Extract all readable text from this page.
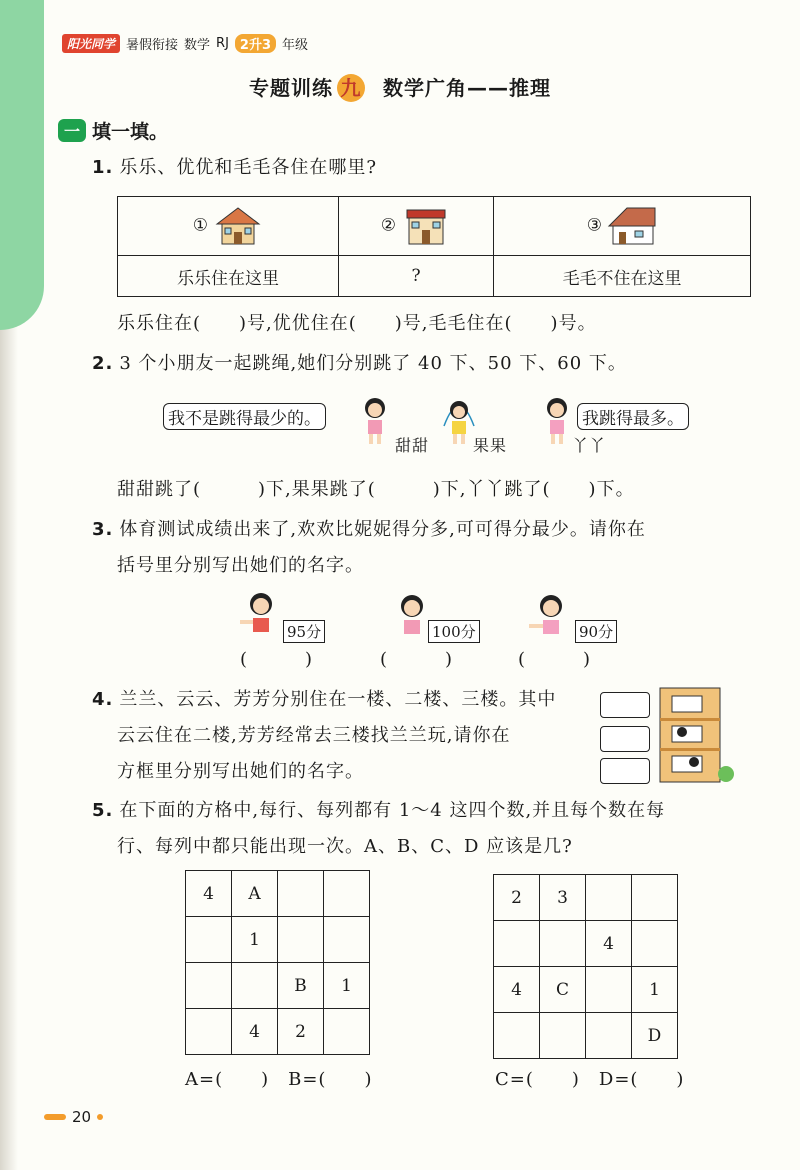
阳光同学 暑假衔接 数学 RJ 2升3 年级
专题训练 九 数学广角——推理
一 填一填。
1. 乐乐、优优和毛毛各住在哪里?
①	②	③
乐乐住在这里	?	毛毛不住在这里
乐乐住在(　　)号,优优住在(　　)号,毛毛住在(　　)号。
2. 3 个小朋友一起跳绳,她们分别跳了 40 下、50 下、60 下。
我不是跳得最少的。	我跳得最多。
甜甜	果果	丫丫
甜甜跳了(　　　)下,果果跳了(　　　)下,丫丫跳了(　　)下。
3. 体育测试成绩出来了,欢欢比妮妮得分多,可可得分最少。请你在
括号里分别写出她们的名字。
95分
(　　　)
100分
(　　　)
90分
(　　　)
4. 兰兰、云云、芳芳分别住在一楼、二楼、三楼。其中
云云住在二楼,芳芳经常去三楼找兰兰玩,请你在
方框里分别写出她们的名字。
5. 在下面的方格中,每行、每列都有 1～4 这四个数,并且每个数在每
行、每列中都只能出现一次。A、B、C、D 应该是几?
4	A		
	1		
		B	1
	4	2	
2	3		
		4	
4	C		1
			D
A=(　　)　B=(　　)	C=(　　)　D=(　　)
20
